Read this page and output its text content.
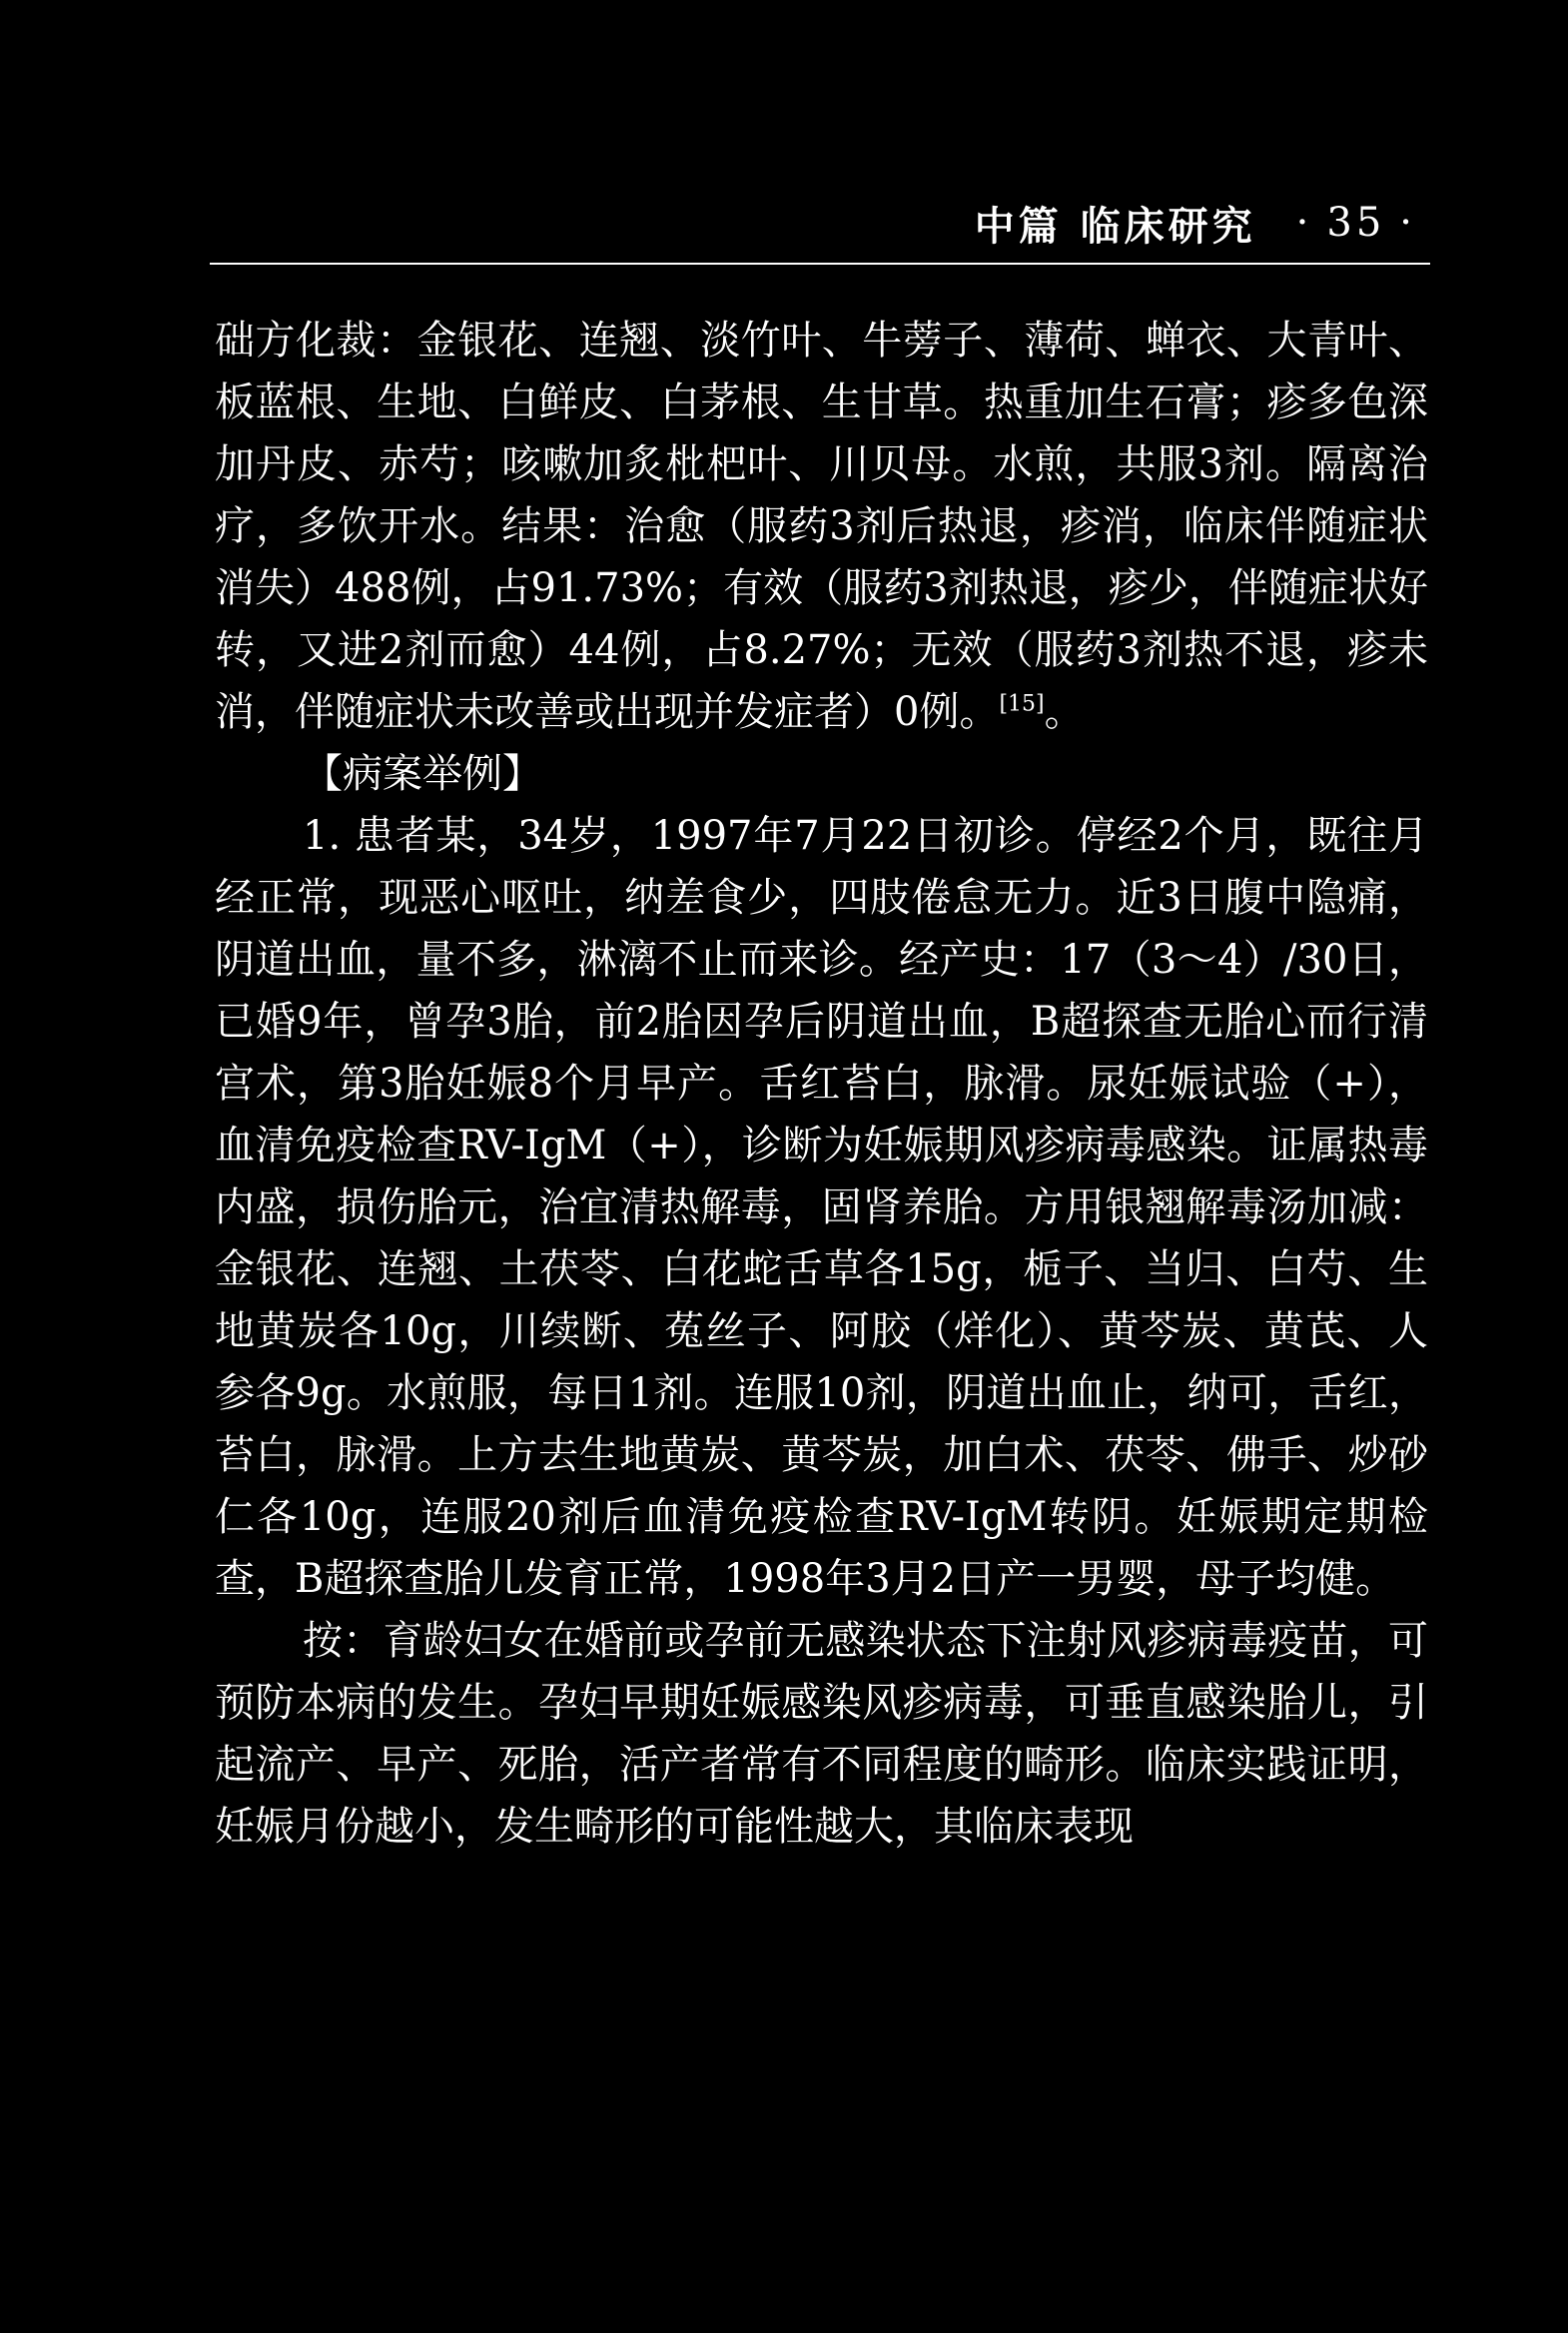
中篇 临床研究 · 35 ·

础方化裁：金银花、连翘、淡竹叶、牛蒡子、薄荷、蝉衣、大青叶、板蓝根、生地、白鲜皮、白茅根、生甘草。热重加生石膏；疹多色深加丹皮、赤芍；咳嗽加炙枇杷叶、川贝母。水煎，共服3剂。隔离治疗，多饮开水。结果：治愈（服药3剂后热退，疹消，临床伴随症状消失）488例，占91.73%；有效（服药3剂热退，疹少，伴随症状好转，又进2剂而愈）44例，占8.27%；无效（服药3剂热不退，疹未消，伴随症状未改善或出现并发症者）0例。[15]。

【病案举例】

1. 患者某，34岁，1997年7月22日初诊。停经2个月，既往月经正常，现恶心呕吐，纳差食少，四肢倦怠无力。近3日腹中隐痛，阴道出血，量不多，淋漓不止而来诊。经产史：17（3～4）/30日，已婚9年，曾孕3胎，前2胎因孕后阴道出血，B超探查无胎心而行清宫术，第3胎妊娠8个月早产。舌红苔白，脉滑。尿妊娠试验（+），血清免疫检查RV-IgM（+），诊断为妊娠期风疹病毒感染。证属热毒内盛，损伤胎元，治宜清热解毒，固肾养胎。方用银翘解毒汤加减：金银花、连翘、土茯苓、白花蛇舌草各15g，栀子、当归、白芍、生地黄炭各10g，川续断、菟丝子、阿胶（烊化）、黄芩炭、黄芪、人参各9g。水煎服，每日1剂。连服10剂，阴道出血止，纳可，舌红，苔白，脉滑。上方去生地黄炭、黄芩炭，加白术、茯苓、佛手、炒砂仁各10g，连服20剂后血清免疫检查RV-IgM转阴。妊娠期定期检查，B超探查胎儿发育正常，1998年3月2日产一男婴，母子均健。

按：育龄妇女在婚前或孕前无感染状态下注射风疹病毒疫苗，可预防本病的发生。孕妇早期妊娠感染风疹病毒，可垂直感染胎儿，引起流产、早产、死胎，活产者常有不同程度的畸形。临床实践证明，妊娠月份越小，发生畸形的可能性越大，其临床表现
